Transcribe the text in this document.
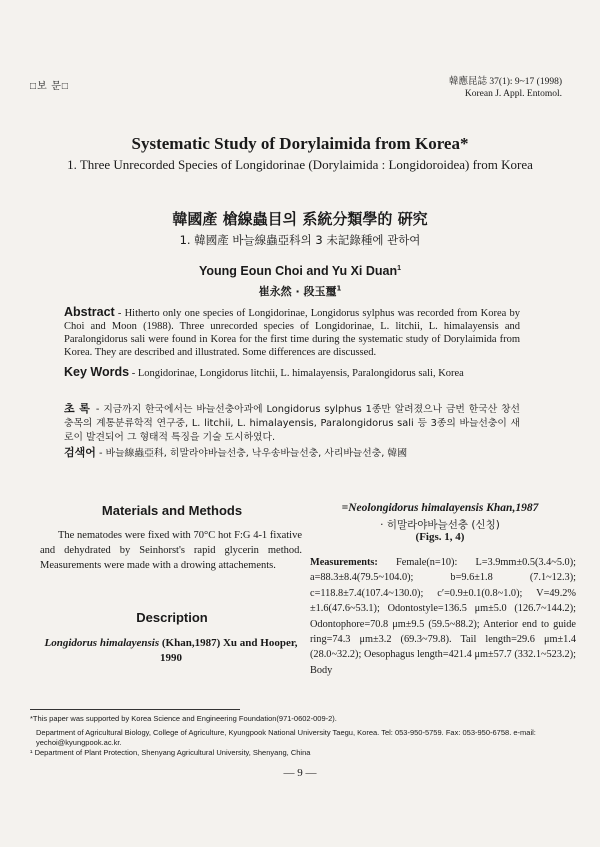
□보 문□	韓應昆誌 37(1): 9~17 (1998)
Korean J. Appl. Entomol.
Systematic Study of Dorylaimida from Korea*
1. Three Unrecorded Species of Longidorinae (Dorylaimida : Longidoroidea) from Korea
韓國產 槍線蟲目의 系統分類學的 硏究
1. 韓國產 바늘線蟲亞科의 3 未記錄種에 관하여
Young Eoun Choi and Yu Xi Duan$^1$
崔永然 · 段玉璽$^1$
Abstract - Hitherto only one species of Longidorinae, Longidorus sylphus was recorded from Korea by Choi and Moon (1988). Three unrecorded species of Longidorinae, L. litchii, L. himalayensis and Paralongidorus sali were found in Korea for the first time during the systematic study of Dorylaimida from Korea. They are described and illustrated. Some differences are discussed.
Key Words - Longidorinae, Longidorus litchii, L. himalayensis, Paralongidorus sali, Korea
초 록 - 지금까지 한국에서는 바늘선충아과에 Longidorus sylphus 1종만 알려졌으나 금번 한국산 창선충목의 계통분류학적 연구중, L. litchii, L. himalayensis, Paralongidorus sali 등 3종의 바늘선충이 새로이 발견되어 그 형태적 특징을 기술 도시하였다.
검색어 - 바늘線蟲亞科, 히말라야바늘선충, 낙우송바늘선충, 사리바늘선충, 韓國
Materials and Methods
The nematodes were fixed with 70°C hot F:G 4-1 fixative and dehydrated by Seinhorst's rapid glycerin method. Measurements were made with a drowing attachements.
Description
Longidorus himalayensis (Khan,1987) Xu and Hooper, 1990
=Neolongidorus himalayensis Khan,1987
· 히말라야바늘선충 (신칭)
(Figs. 1, 4)
Measurements: Female(n=10): L=3.9mm±0.5(3.4~5.0); a=88.3±8.4(79.5~104.0); b=9.6±1.8 (7.1~12.3); c=118.8±7.4(107.4~130.0); c′=0.9±0.1(0.8~1.0); V=49.2%±1.6(47.6~53.1); Odontostyle=136.5 μm±5.0 (126.7~144.2); Odontophore=70.8 μm±9.5 (59.5~88.2); Anterior end to guide ring=74.3 μm±3.2 (69.3~79.8). Tail length=29.6 μm±1.4 (28.0~32.2); Oesophagus length=421.4 μm±57.7 (332.1~523.2); Body
*This paper was supported by Korea Science and Engineering Foundation(971-0602-009-2).
Department of Agricultural Biology, College of Agriculture, Kyungpook National University Taegu, Korea. Tel: 053-950-5759. Fax: 053-950-6758. e-mail: yechoi@kyungpook.ac.kr.
¹ Department of Plant Protection, Shenyang Agricultural University, Shenyang, China
— 9 —
